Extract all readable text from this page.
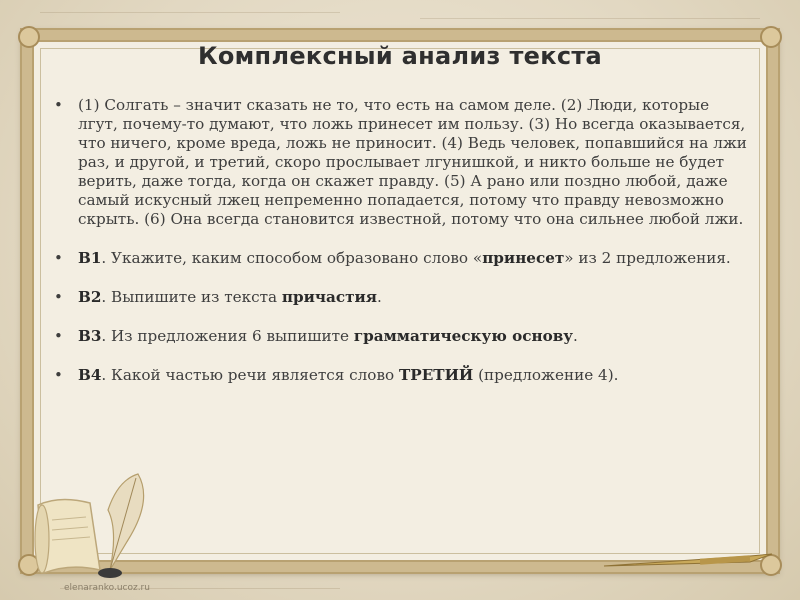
Комплексный анализ текста
• (1) Солгать – значит сказать не то, что есть на самом деле. (2) Люди, которые лгут, почему-то думают, что ложь принесет им пользу. (3) Но всегда оказывается, что ничего, кроме вреда, ложь не приносит. (4) Ведь человек, попавшийся на лжи раз, и другой, и третий, скоро прослывает лгунишкой, и никто больше не будет верить, даже тогда, когда он скажет правду. (5) А рано или поздно любой, даже самый искусный лжец непременно попадается, потому что правду невозможно скрыть. (6) Она всегда становится известной, потому что она сильнее любой лжи.
• В1. Укажите, каким способом образовано слово «принесет» из 2 предложения.
• В2. Выпишите из текста причастия.
• В3. Из предложения 6 выпишите грамматическую основу.
• В4. Какой частью речи является слово ТРЕТИЙ (предложение 4).
elenaranko.ucoz.ru
